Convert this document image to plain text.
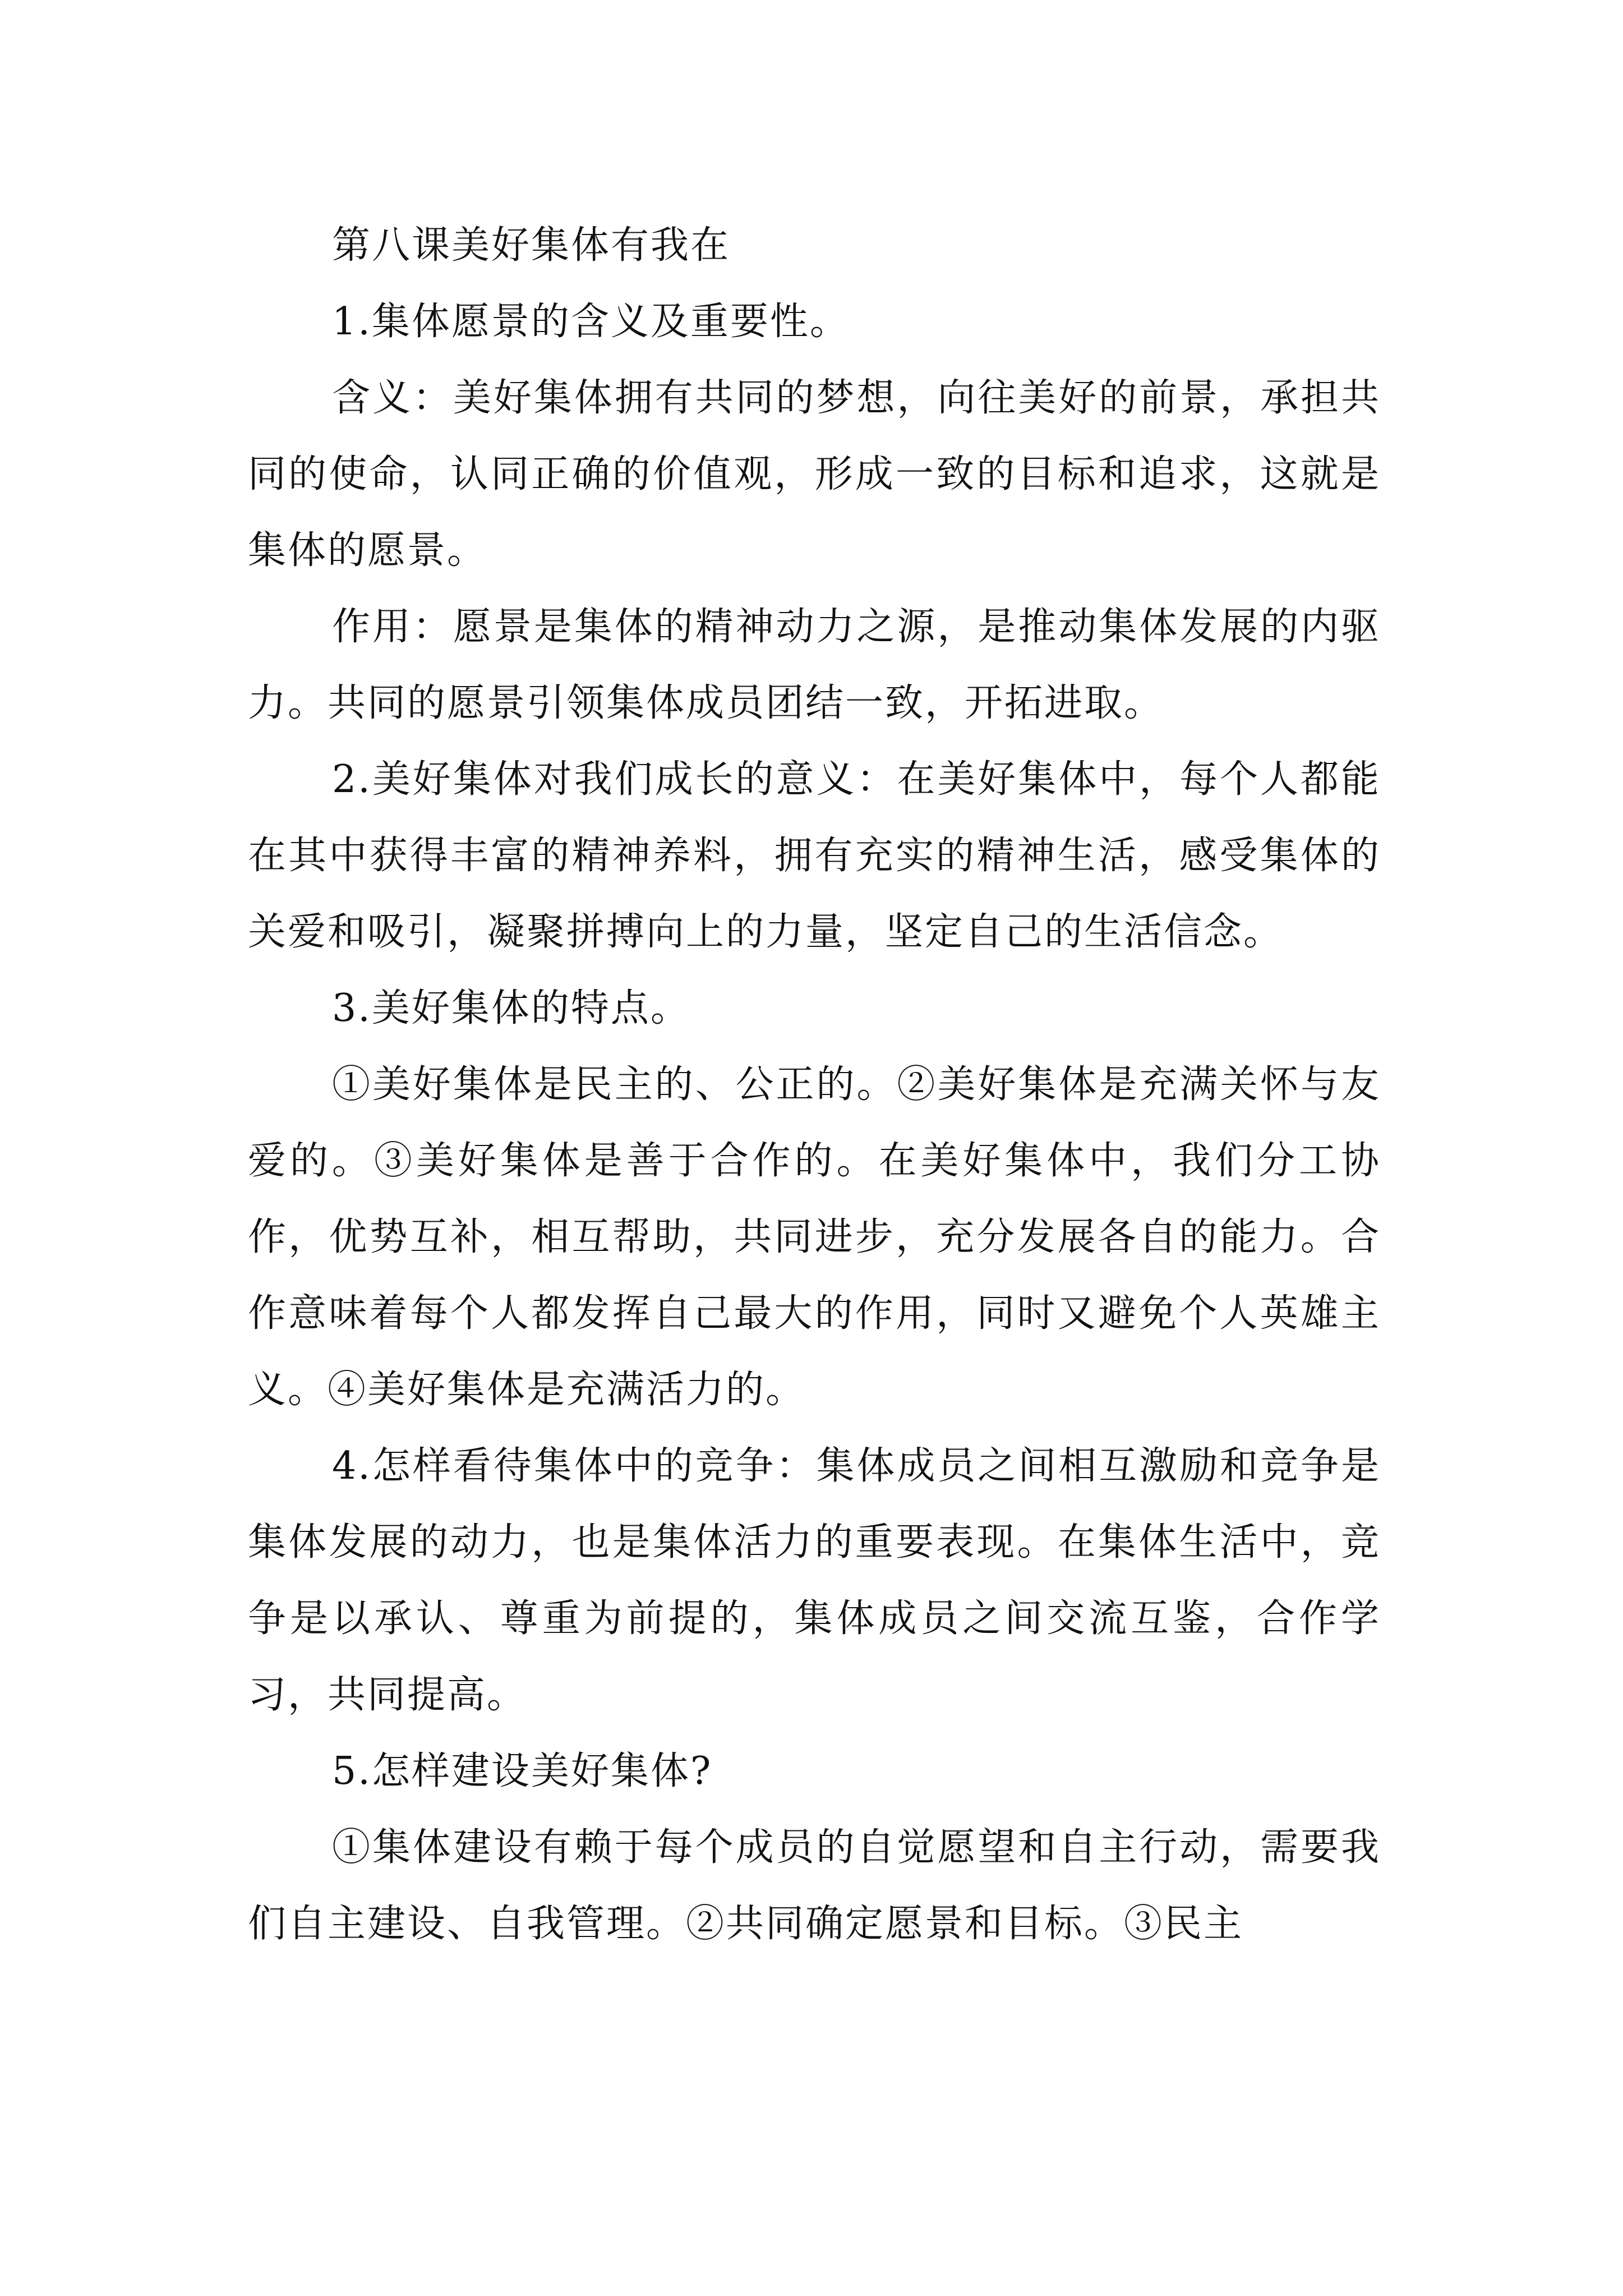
第八课美好集体有我在

1.集体愿景的含义及重要性。

含义：美好集体拥有共同的梦想，向往美好的前景，承担共同的使命，认同正确的价值观，形成一致的目标和追求，这就是集体的愿景。

作用：愿景是集体的精神动力之源，是推动集体发展的内驱力。共同的愿景引领集体成员团结一致，开拓进取。

2.美好集体对我们成长的意义：在美好集体中，每个人都能在其中获得丰富的精神养料，拥有充实的精神生活，感受集体的关爱和吸引，凝聚拼搏向上的力量，坚定自己的生活信念。

3.美好集体的特点。

①美好集体是民主的、公正的。②美好集体是充满关怀与友爱的。③美好集体是善于合作的。在美好集体中，我们分工协作，优势互补，相互帮助，共同进步，充分发展各自的能力。合作意味着每个人都发挥自己最大的作用，同时又避免个人英雄主义。④美好集体是充满活力的。

4.怎样看待集体中的竞争：集体成员之间相互激励和竞争是集体发展的动力，也是集体活力的重要表现。在集体生活中，竞争是以承认、尊重为前提的，集体成员之间交流互鉴，合作学习，共同提高。

5.怎样建设美好集体?

①集体建设有赖于每个成员的自觉愿望和自主行动，需要我们自主建设、自我管理。②共同确定愿景和目标。③民主
